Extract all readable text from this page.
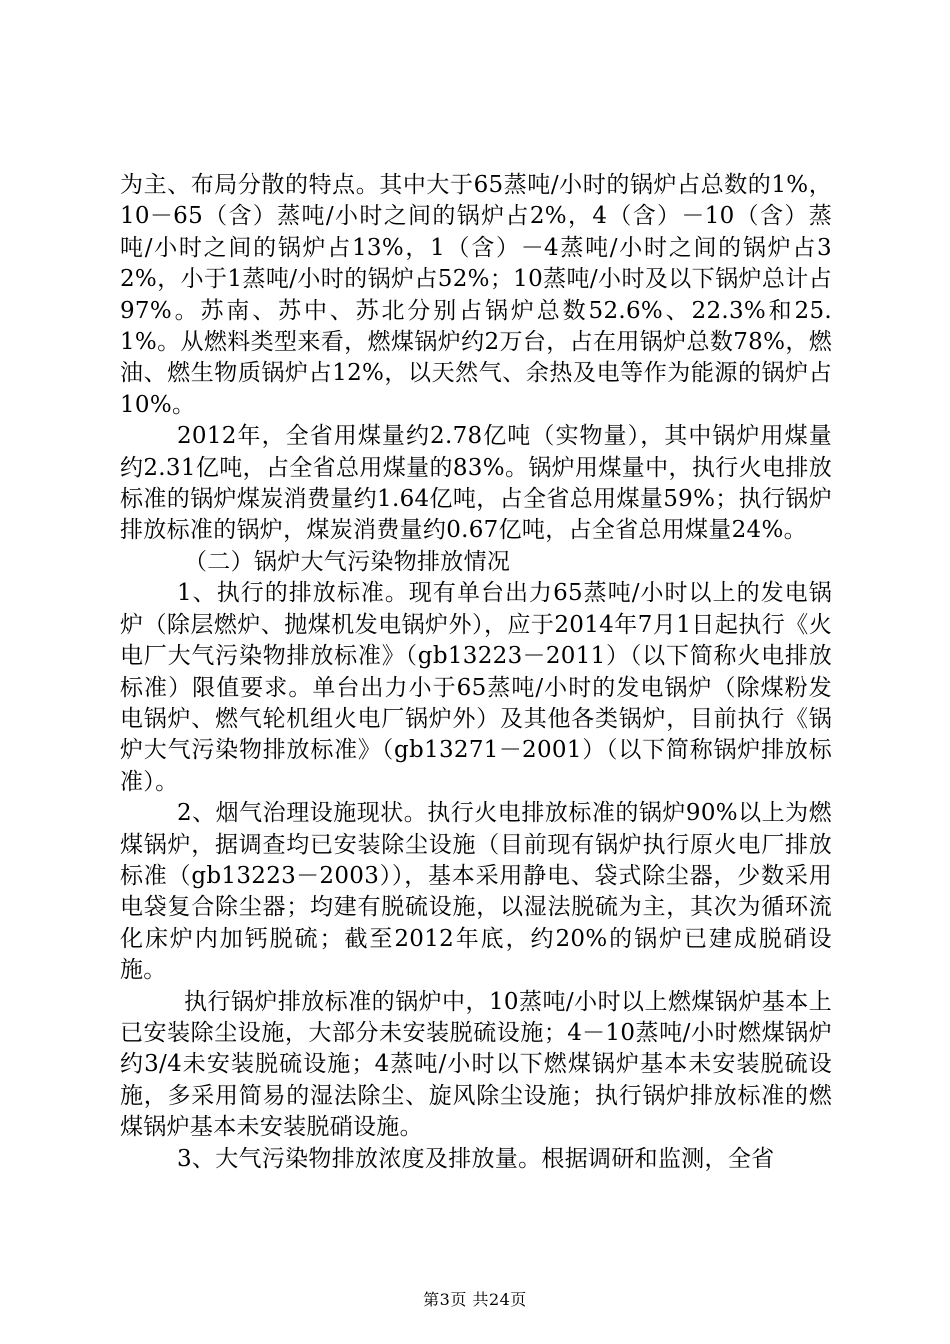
为主、布局分散的特点。其中大于65蒸吨/小时的锅炉占总数的1%，10－65（含）蒸吨/小时之间的锅炉占2%，4（含）－10（含）蒸吨/小时之间的锅炉占13%，1（含）－4蒸吨/小时之间的锅炉占32%，小于1蒸吨/小时的锅炉占52%；10蒸吨/小时及以下锅炉总计占97%。苏南、苏中、苏北分别占锅炉总数52.6%、22.3%和25.1%。从燃料类型来看，燃煤锅炉约2万台，占在用锅炉总数78%，燃油、燃生物质锅炉占12%，以天然气、余热及电等作为能源的锅炉占10%。

2012年，全省用煤量约2.78亿吨（实物量），其中锅炉用煤量约2.31亿吨，占全省总用煤量的83%。锅炉用煤量中，执行火电排放标准的锅炉煤炭消费量约1.64亿吨，占全省总用煤量59%；执行锅炉排放标准的锅炉，煤炭消费量约0.67亿吨，占全省总用煤量24%。

（二）锅炉大气污染物排放情况

1、执行的排放标准。现有单台出力65蒸吨/小时以上的发电锅炉（除层燃炉、抛煤机发电锅炉外），应于2014年7月1日起执行《火电厂大气污染物排放标准》（gb13223－2011）（以下简称火电排放标准）限值要求。单台出力小于65蒸吨/小时的发电锅炉（除煤粉发电锅炉、燃气轮机组火电厂锅炉外）及其他各类锅炉，目前执行《锅炉大气污染物排放标准》（gb13271－2001）（以下简称锅炉排放标准）。

2、烟气治理设施现状。执行火电排放标准的锅炉90%以上为燃煤锅炉，据调查均已安装除尘设施（目前现有锅炉执行原火电厂排放标准（gb13223－2003）），基本采用静电、袋式除尘器，少数采用电袋复合除尘器；均建有脱硫设施，以湿法脱硫为主，其次为循环流化床炉内加钙脱硫；截至2012年底，约20%的锅炉已建成脱硝设施。

执行锅炉排放标准的锅炉中，10蒸吨/小时以上燃煤锅炉基本上已安装除尘设施，大部分未安装脱硫设施；4－10蒸吨/小时燃煤锅炉约3/4未安装脱硫设施；4蒸吨/小时以下燃煤锅炉基本未安装脱硫设施，多采用简易的湿法除尘、旋风除尘设施；执行锅炉排放标准的燃煤锅炉基本未安装脱硝设施。

3、大气污染物排放浓度及排放量。根据调研和监测，全省

第3页 共24页
